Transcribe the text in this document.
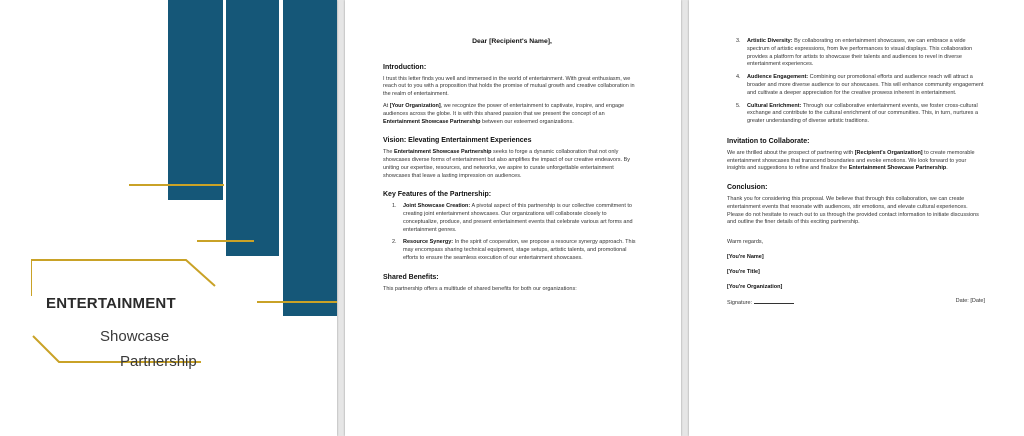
ENTERTAINMENT
Showcase
Partnership
Dear [Recipient's Name],
Introduction:

I trust this letter finds you well and immersed in the world of entertainment. With great enthusiasm, we reach out to you with a proposition that holds the promise of mutual growth and creative collaboration in the realm of entertainment.

At [Your Organization], we recognize the power of entertainment to captivate, inspire, and engage audiences across the globe. It is with this shared passion that we present the concept of an Entertainment Showcase Partnership between our esteemed organizations.

Vision: Elevating Entertainment Experiences

The Entertainment Showcase Partnership seeks to forge a dynamic collaboration that not only showcases diverse forms of entertainment but also amplifies the impact of our creative endeavors. By uniting our expertise, resources, and networks, we aspire to curate unforgettable entertainment showcases that leave a lasting impression on audiences.

Key Features of the Partnership:
1. Joint Showcase Creation: A pivotal aspect of this partnership is our collective commitment to creating joint entertainment showcases. Our organizations will collaborate closely to conceptualize, produce, and present entertainment events that celebrate various art forms and entertainment genres.
2. Resource Synergy: In the spirit of cooperation, we propose a resource synergy approach. This may encompass sharing technical equipment, stage setups, artistic talents, and promotional efforts to ensure the seamless execution of our entertainment showcases.
Shared Benefits:

This partnership offers a multitude of shared benefits for both our organizations:

3. Artistic Diversity: By collaborating on entertainment showcases, we can embrace a wide spectrum of artistic expressions, from live performances to visual displays. This collaboration provides a platform for artists to showcase their talents and audiences to revel in diverse entertainment experiences.
4. Audience Engagement: Combining our promotional efforts and audience reach will attract a broader and more diverse audience to our showcases. This will enhance community engagement and cultivate a deeper appreciation for the creative prowess inherent in entertainment.
5. Cultural Enrichment: Through our collaborative entertainment events, we foster cross-cultural exchange and contribute to the cultural enrichment of our communities. This, in turn, nurtures a greater understanding of diverse artistic traditions.
Invitation to Collaborate:

We are thrilled about the prospect of partnering with [Recipient's Organization] to create memorable entertainment showcases that transcend boundaries and evoke emotions. We look forward to your insights and suggestions to refine and finalize the Entertainment Showcase Partnership.

Conclusion:

Thank you for considering this proposal. We believe that through this collaboration, we can create entertainment events that resonate with audiences, stir emotions, and elevate cultural experiences. Please do not hesitate to reach out to us through the provided contact information to initiate discussions and outline the finer details of this exciting partnership.

Warm regards,

[You're Name]

[You're Title]

[You're Organization]

Signature:	Date: [Date]
